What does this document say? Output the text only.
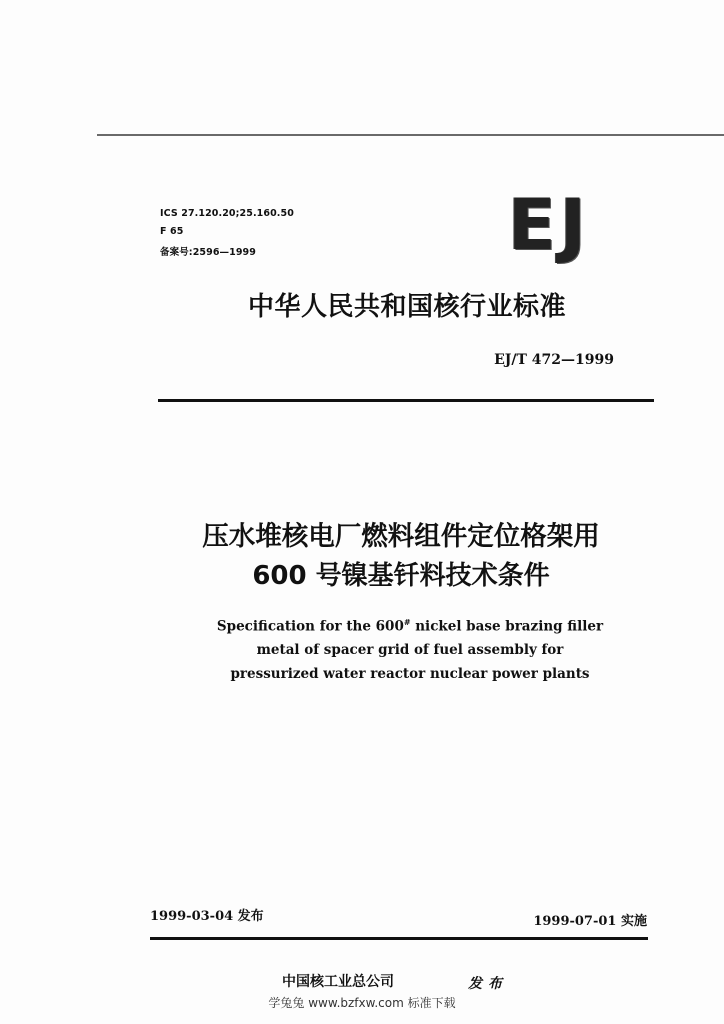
ICS 27.120.20;25.160.50
F 65
备案号:2596—1999	EJ
中华人民共和国核行业标准
EJ/T 472—1999
压水堆核电厂燃料组件定位格架用
600 号镍基钎料技术条件
Specification for the 600# nickel base brazing filler
metal of spacer grid of fuel assembly for
pressurized water reactor nuclear power plants
1999-03-04 发布	1999-07-01 实施
中国核工业总公司	发布
学兔兔 www.bzfxw.com 标准下载
